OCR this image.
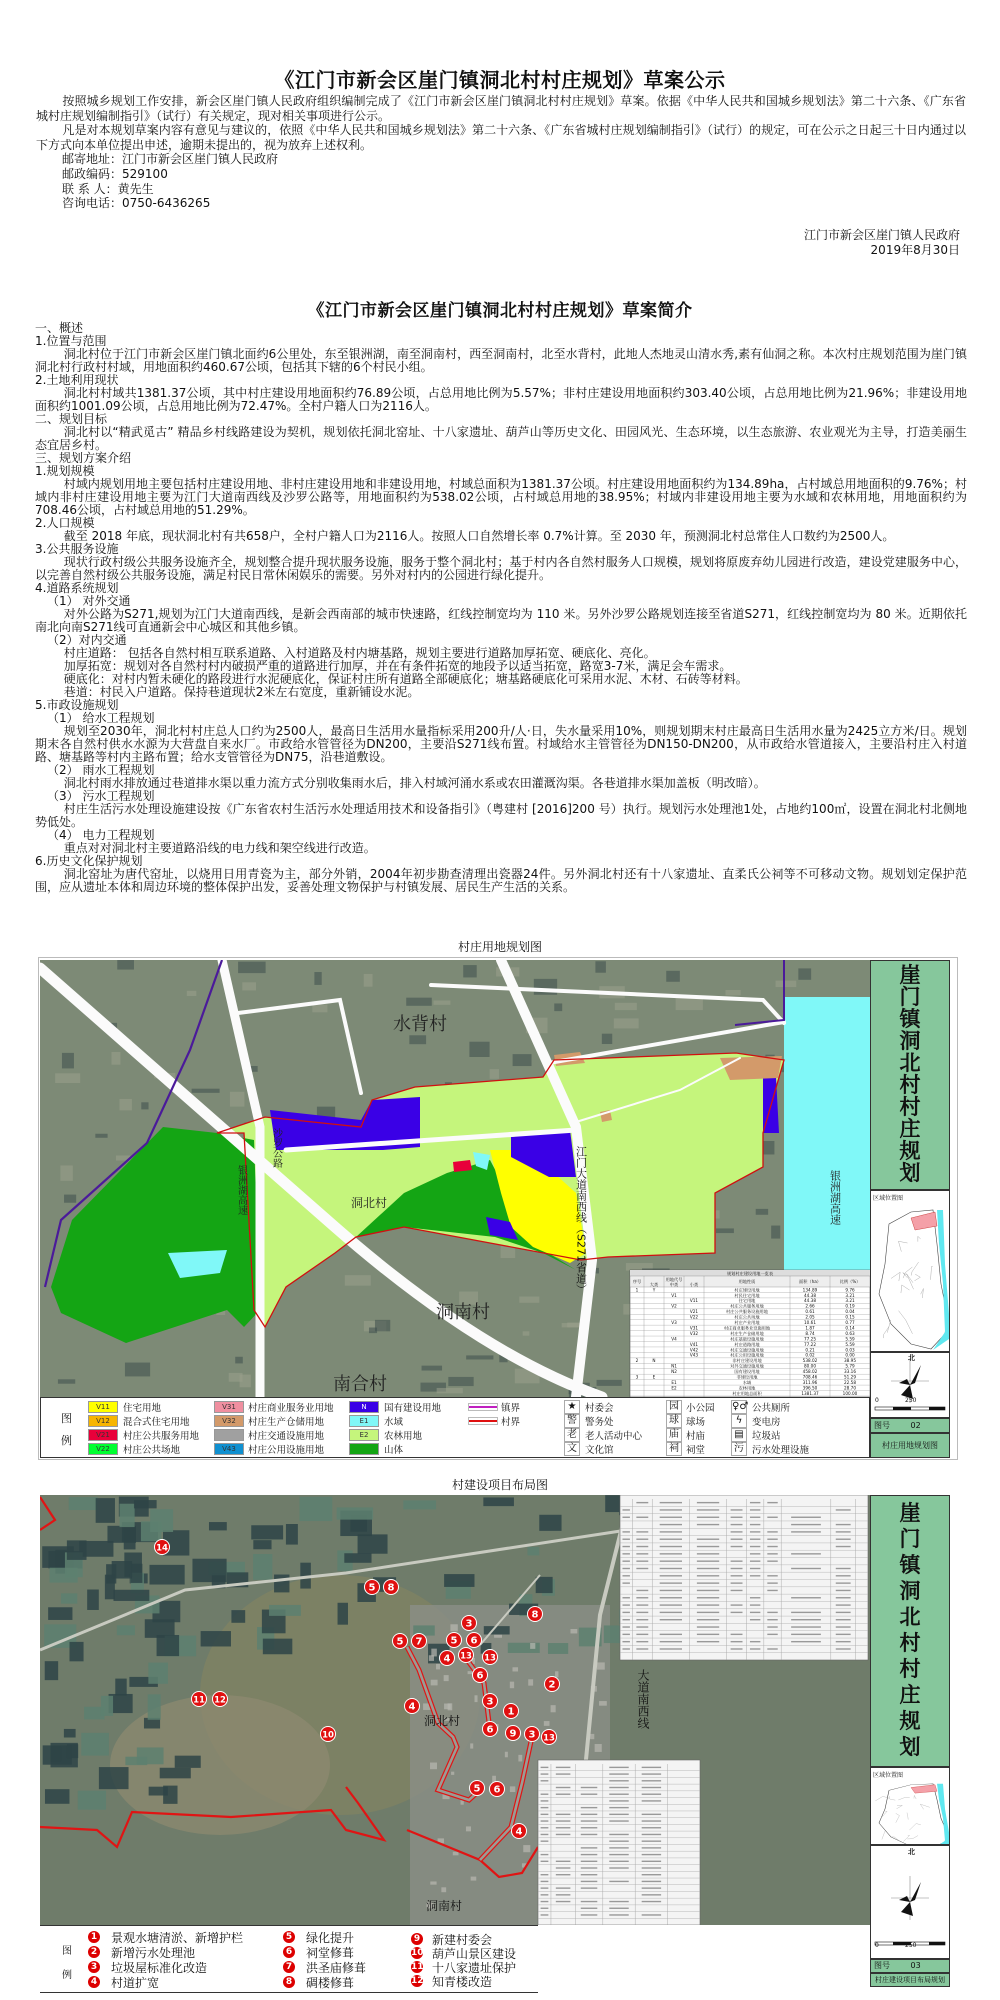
《江门市新会区崖门镇洞北村村庄规划》草案公示

按照城乡规划工作安排，新会区崖门镇人民政府组织编制完成了《江门市新会区崖门镇洞北村村庄规划》草案。依据《中华人民共和国城乡规划法》第二十六条、《广东省城村庄规划编制指引》（试行）有关规定，现对相关事项进行公示。

凡是对本规划草案内容有意见与建议的，依照《中华人民共和国城乡规划法》第二十六条、《广东省城村庄规划编制指引》（试行）的规定，可在公示之日起三十日内通过以下方式向本单位提出申述，逾期未提出的，视为放弃上述权利。

邮寄地址：江门市新会区崖门镇人民政府
邮政编码：529100
联 系 人：黄先生
咨询电话：0750-6436265
江门市新会区崖门镇人民政府
2019年8月30日
《江门市新会区崖门镇洞北村村庄规划》草案简介
一、概述
1.位置与范围
洞北村位于江门市新会区崖门镇北面约6公里处，东至银洲湖，南至洞南村，西至洞南村，北至水背村，此地人杰地灵山清水秀,素有仙洞之称。本次村庄规划范围为崖门镇洞北村行政村村域，用地面积约460.67公顷，包括其下辖的6个村民小组。
2.土地利用现状
洞北村村域共1381.37公顷，其中村庄建设用地面积约76.89公顷，占总用地比例为5.57%；非村庄建设用地面积约303.40公顷，占总用地比例为21.96%；非建设用地面积约1001.09公顷，占总用地比例为72.47%。全村户籍人口为2116人。
二、规划目标
洞北村以“精武觅古” 精品乡村线路建设为契机，规划依托洞北窑址、十八家遗址、葫芦山等历史文化、田园风光、生态环境，以生态旅游、农业观光为主导，打造美丽生态宜居乡村。
三、规划方案介绍
1.规划规模
村域内规划用地主要包括村庄建设用地、非村庄建设用地和非建设用地，村域总面积为1381.37公顷。村庄建设用地面积约为134.89ha，占村域总用地面积的9.76%；村域内非村庄建设用地主要为江门大道南西线及沙罗公路等，用地面积约为538.02公顷，占村域总用地的38.95%；村域内非建设用地主要为水域和农林用地，用地面积约为708.46公顷，占村域总用地的51.29%。
2.人口规模
截至 2018 年底，现状洞北村有共658户，全村户籍人口为2116人。按照人口自然增长率 0.7%计算。至 2030 年，预测洞北村总常住人口数约为2500人。
3.公共服务设施
现状行政村级公共服务设施齐全，规划整合提升现状服务设施，服务于整个洞北村；基于村内各自然村服务人口规模，规划将原废弃幼儿园进行改造，建设党建服务中心，以完善自然村级公共服务设施，满足村民日常休闲娱乐的需要。另外对村内的公园进行绿化提升。
4.道路系统规划
（1） 对外交通
对外公路为S271,规划为江门大道南西线，是新会西南部的城市快速路，红线控制宽均为 110 米。另外沙罗公路规划连接至省道S271，红线控制宽均为 80 米。近期依托南北向南S271线可直通新会中心城区和其他乡镇。
（2）对内交通
村庄道路： 包括各自然村相互联系道路、入村道路及村内塘基路，规划主要进行道路加厚拓宽、硬底化、亮化。
加厚拓宽：规划对各自然村村内破损严重的道路进行加厚，并在有条件拓宽的地段予以适当拓宽，路宽3-7米，满足会车需求。
硬底化：对村内暂未硬化的路段进行水泥硬底化，保证村庄所有道路全部硬底化；塘基路硬底化可采用水泥、木材、石砖等材料。
巷道：村民入户道路。保持巷道现状2米左右宽度，重新铺设水泥。
5.市政设施规划
（1） 给水工程规划
规划至2030年，洞北村村庄总人口约为2500人，最高日生活用水量指标采用200升/人·日，失水量采用10%，则规划期末村庄最高日生活用水量为2425立方米/日。规划期末各自然村供水水源为大营盘自来水厂。市政给水管管径为DN200，主要沿S271线布置。村域给水主管管径为DN150-DN200，从市政给水管道接入，主要沿村庄入村道路、塘基路等村内主路布置；给水支管管径为DN75，沿巷道敷设。
（2） 雨水工程规划
洞北村雨水排放通过巷道排水渠以重力流方式分别收集雨水后，排入村域河涌水系或农田灌溉沟渠。各巷道排水渠加盖板（明改暗）。
（3） 污水工程规划
村庄生活污水处理设施建设按《广东省农村生活污水处理适用技术和设备指引》（粤建村 [2016]200 号）执行。规划污水处理池1处，占地约100㎡，设置在洞北村北侧地势低处。
（4） 电力工程规划
重点对对洞北村主要道路沿线的电力线和架空线进行改造。
6.历史文化保护规划
洞北窑址为唐代窑址，以烧用日用青瓷为主，部分外销，2004年初步勘查清理出瓷器24件。另外洞北村还有十八家遗址、直柔氏公祠等不可移动文物。规划划定保护范围，应从遗址本体和周边环境的整体保护出发，妥善处理文物保护与村镇发展、居民生产生活的关系。
村庄用地规划图
水背村
洞北村
洞南村
南合村
沙罗公路
银洲湖高速	银洲湖高速
江门大道南西线（S271省道）	规划村庄建设用地一览表
序号	用地代号
大类	中类	小类
用地性质	面积（ha）	比例（%）
1	Y	村庄建设用地	134.89	9.76
V1	村民住宅用地	44.38	3.21
V11	住宅用地	44.38	3.21
V2	村庄公共服务用地	2.66	0.19
V21	村庄公共服务设施用地	0.61	0.04
V22	村庄公共场地	2.05	0.15
V3	村庄产业用地	10.61	0.77
V31	村庄商业服务业设施用地	1.87	0.14
V32	村庄生产仓储用地	8.74	0.63
V4	村庄基础设施用地	77.25	5.59
V41	村庄道路用地	77.22	5.59
V42	村庄交通设施用地	0.21	0.03
V43	村庄公用设施用地	0.02	0.00
2	N	非村庄建设用地	538.02	38.95
N1	对外交通设施用地	80.00	5.79
N2	国有建设用地	458.02	33.16
3	E	非建设用地	708.46	51.29
E1	水域	311.96	22.58
E2	农林用地	396.50	28.70
村庄用地总面积	1381.37	100.00
崖
门
镇
洞
北
村
村
庄
规
划
区域位置图
北
0	250
图号	02
村庄用地规划图
图
例
V11	住宅用地
V12	混合式住宅用地
V21	村庄公共服务用地
V22	村庄公共场地
V31	村庄商业服务业用地
V32	村庄生产仓储用地
村庄交通设施用地
V43	村庄公用设施用地
N	国有建设用地
E1	水域
E2	农林用地
山体
镇界
村界
★ 村委会
警 警务处
老 老人活动中心
文 文化馆
园 小公园
球 球场
庙 村庙
祠 祠堂
♀♂ 公共厕所
ϟ	变电房
▤ 垃圾站
污 污水处理设施
村建设项目布局图
14
5 8
3
8
5 7	5 6
4 13 13
6
2
11 12
4	3
1
10	6 9 3 13
5 6
4
洞北村
洞南村
大道南西线
崖
门
镇
洞
北
村
村
庄
规
划
区域位置图
北
0	250
图号	03
村庄建设项目布局规划
图
例
1 景观水塘清淤、新增护栏
2 新增污水处理池
3 垃圾屋标准化改造
4 村道扩宽
5 绿化提升
6 祠堂修葺
7 洪圣庙修葺
8 碉楼修葺
9 新建村委会
10 葫芦山景区建设
11 十八家遗址保护
12 知青楼改造
